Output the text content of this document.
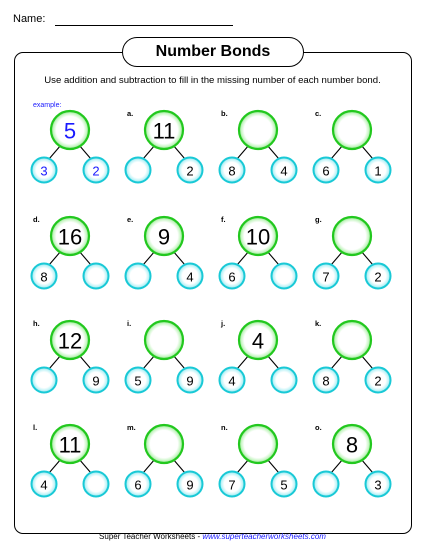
Name:
Number Bonds
Use addition and subtraction to fill in the missing number of each number bond.
5
3	2
example:
11
2
a.
8	4
b.
6	1
c.
16
8
d.
9
4
e.
10
6
f.
7	2
g.
12
9
h.
5	9
i.
4
4
j.
8	2
k.
11
4
l.
6	9
m.
7	5
n.
8
3
o.
Super Teacher Worksheets - www.superteacherworksheets.com
